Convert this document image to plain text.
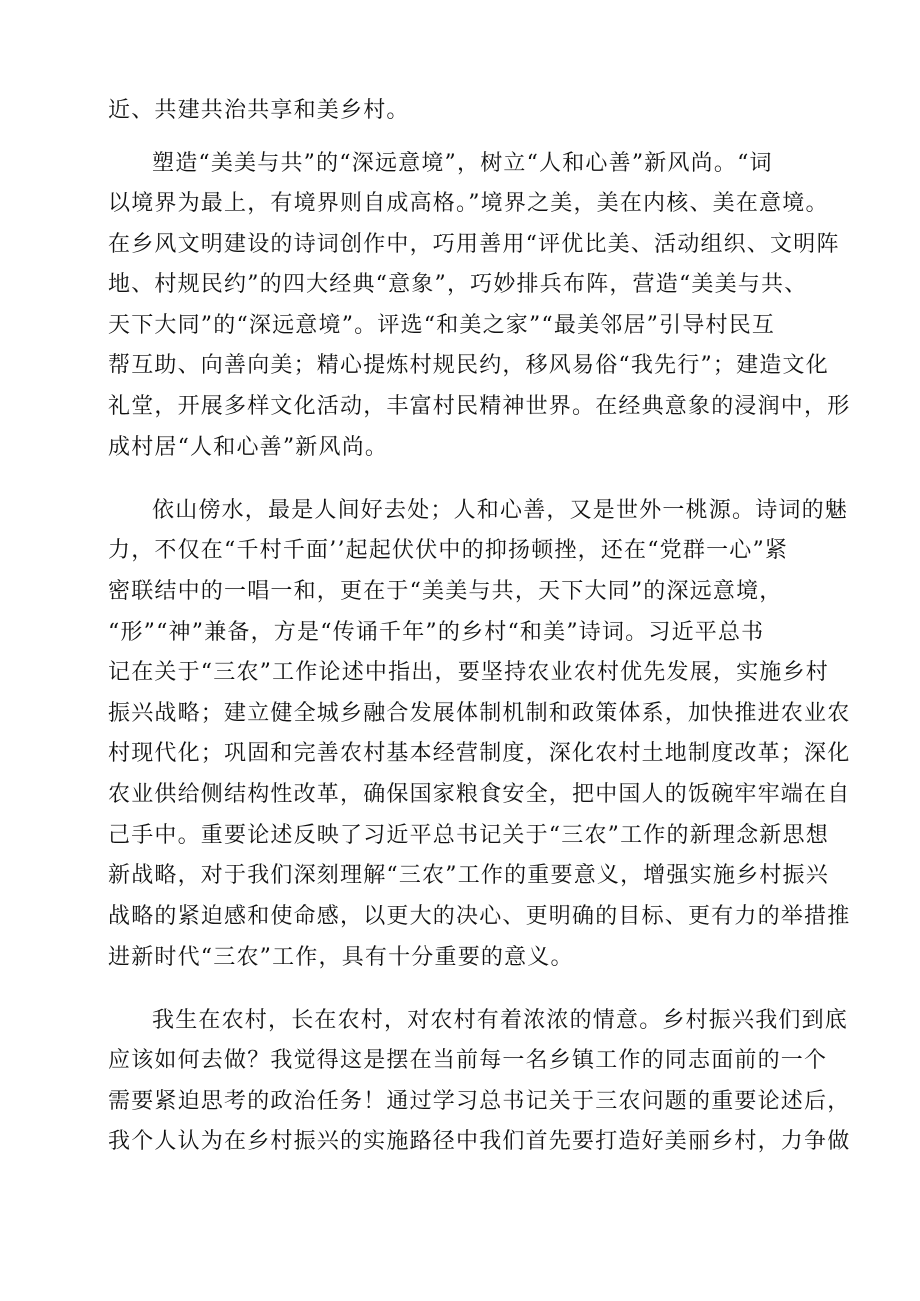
近、共建共治共享和美乡村。
塑造“美美与共”的“深远意境”，树立“人和心善”新风尚。“词
以境界为最上，有境界则自成高格。”境界之美，美在内核、美在意境。
在乡风文明建设的诗词创作中，巧用善用“评优比美、活动组织、文明阵
地、村规民约”的四大经典“意象”，巧妙排兵布阵，营造“美美与共、
天下大同”的“深远意境”。评选“和美之家”“最美邻居”引导村民互
帮互助、向善向美；精心提炼村规民约，移风易俗“我先行”；建造文化
礼堂，开展多样文化活动，丰富村民精神世界。在经典意象的浸润中，形
成村居“人和心善”新风尚。
依山傍水，最是人间好去处；人和心善，又是世外一桃源。诗词的魅
力，不仅在“千村千面’’起起伏伏中的抑扬顿挫，还在“党群一心”紧
密联结中的一唱一和，更在于“美美与共，天下大同”的深远意境，
“形”“神”兼备，方是“传诵千年”的乡村“和美”诗词。习近平总书
记在关于“三农”工作论述中指出，要坚持农业农村优先发展，实施乡村
振兴战略；建立健全城乡融合发展体制机制和政策体系，加快推进农业农
村现代化；巩固和完善农村基本经营制度，深化农村土地制度改革；深化
农业供给侧结构性改革，确保国家粮食安全，把中国人的饭碗牢牢端在自
己手中。重要论述反映了习近平总书记关于“三农”工作的新理念新思想
新战略，对于我们深刻理解“三农”工作的重要意义，增强实施乡村振兴
战略的紧迫感和使命感，以更大的决心、更明确的目标、更有力的举措推
进新时代“三农”工作，具有十分重要的意义。
我生在农村，长在农村，对农村有着浓浓的情意。乡村振兴我们到底
应该如何去做？我觉得这是摆在当前每一名乡镇工作的同志面前的一个
需要紧迫思考的政治任务！通过学习总书记关于三农问题的重要论述后，
我个人认为在乡村振兴的实施路径中我们首先要打造好美丽乡村，力争做
